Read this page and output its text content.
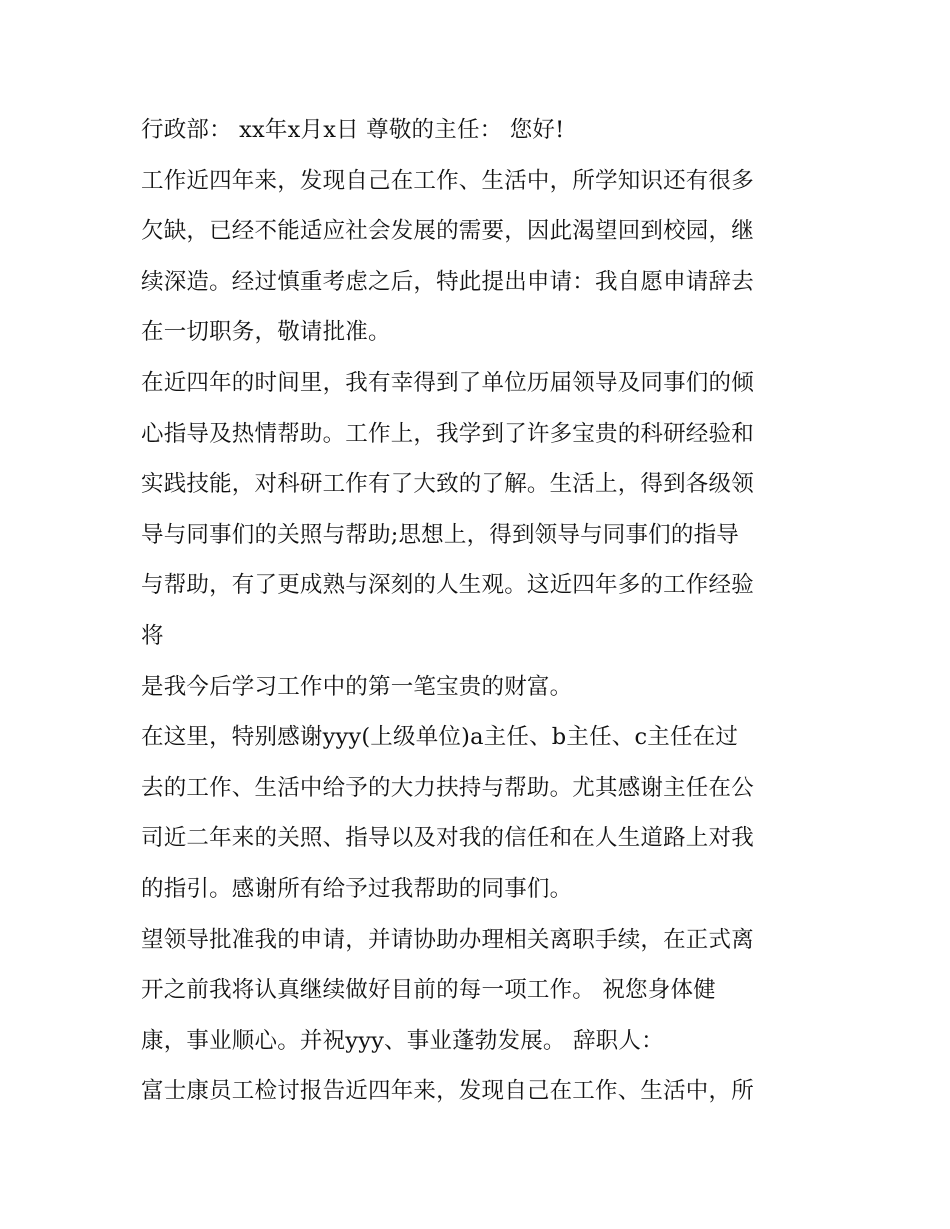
行政部： xx年x月x日 尊敬的主任： 您好!
工作近四年来，发现自己在工作、生活中，所学知识还有很多
欠缺，已经不能适应社会发展的需要，因此渴望回到校园，继
续深造。经过慎重考虑之后，特此提出申请：我自愿申请辞去
在一切职务，敬请批准。
在近四年的时间里，我有幸得到了单位历届领导及同事们的倾
心指导及热情帮助。工作上，我学到了许多宝贵的科研经验和
实践技能，对科研工作有了大致的了解。生活上，得到各级领
导与同事们的关照与帮助;思想上，得到领导与同事们的指导
与帮助，有了更成熟与深刻的人生观。这近四年多的工作经验
将
是我今后学习工作中的第一笔宝贵的财富。
在这里，特别感谢yyy(上级单位)a主任、b主任、c主任在过
去的工作、生活中给予的大力扶持与帮助。尤其感谢主任在公
司近二年来的关照、指导以及对我的信任和在人生道路上对我
的指引。感谢所有给予过我帮助的同事们。
望领导批准我的申请，并请协助办理相关离职手续，在正式离
开之前我将认真继续做好目前的每一项工作。 祝您身体健
康，事业顺心。并祝yyy、事业蓬勃发展。 辞职人：
富士康员工检讨报告近四年来，发现自己在工作、生活中，所
